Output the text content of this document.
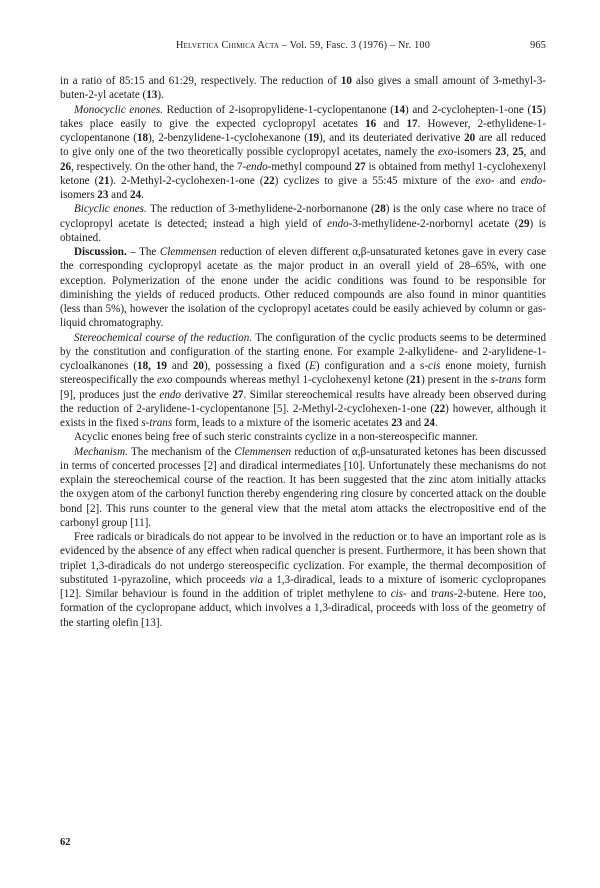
Helvetica Chimica Acta – Vol. 59, Fasc. 3 (1976) – Nr. 100	965

in a ratio of 85:15 and 61:29, respectively. The reduction of 10 also gives a small amount of 3-methyl-3-buten-2-yl acetate (13).

Monocyclic enones. Reduction of 2-isopropylidene-1-cyclopentanone (14) and 2-cyclohepten-1-one (15) takes place easily to give the expected cyclopropyl acetates 16 and 17. However, 2-ethylidene-1-cyclopentanone (18), 2-benzylidene-1-cyclohexanone (19), and its deuteriated derivative 20 are all reduced to give only one of the two theoretically possible cyclopropyl acetates, namely the exo-isomers 23, 25, and 26, respectively. On the other hand, the 7-endo-methyl compound 27 is obtained from methyl 1-cyclohexenyl ketone (21). 2-Methyl-2-cyclohexen-1-one (22) cyclizes to give a 55:45 mixture of the exo- and endo-isomers 23 and 24.

Bicyclic enones. The reduction of 3-methylidene-2-norbornanone (28) is the only case where no trace of cyclopropyl acetate is detected; instead a high yield of endo-3-methylidene-2-norbornyl acetate (29) is obtained.

Discussion. – The Clemmensen reduction of eleven different α,β-unsaturated ketones gave in every case the corresponding cyclopropyl acetate as the major product in an overall yield of 28–65%, with one exception. Polymerization of the enone under the acidic conditions was found to be responsible for diminishing the yields of reduced products. Other reduced compounds are also found in minor quantities (less than 5%), however the isolation of the cyclopropyl acetates could be easily achieved by column or gas-liquid chromatography.

Stereochemical course of the reduction. The configuration of the cyclic products seems to be determined by the constitution and configuration of the starting enone. For example 2-alkylidene- and 2-arylidene-1-cycloalkanones (18, 19 and 20), possessing a fixed (E) configuration and a s-cis enone moiety, furnish stereospecifically the exo compounds whereas methyl 1-cyclohexenyl ketone (21) present in the s-trans form [9], produces just the endo derivative 27. Similar stereochemical results have already been observed during the reduction of 2-arylidene-1-cyclopentanone [5]. 2-Methyl-2-cyclohexen-1-one (22) however, although it exists in the fixed s-trans form, leads to a mixture of the isomeric acetates 23 and 24.

Acyclic enones being free of such steric constraints cyclize in a non-stereospecific manner.

Mechanism. The mechanism of the Clemmensen reduction of α,β-unsaturated ketones has been discussed in terms of concerted processes [2] and diradical intermediates [10]. Unfortunately these mechanisms do not explain the stereochemical course of the reaction. It has been suggested that the zinc atom initially attacks the oxygen atom of the carbonyl function thereby engendering ring closure by concerted attack on the double bond [2]. This runs counter to the general view that the metal atom attacks the electropositive end of the carbonyl group [11].

Free radicals or biradicals do not appear to be involved in the reduction or to have an important role as is evidenced by the absence of any effect when radical quencher is present. Furthermore, it has been shown that triplet 1,3-diradicals do not undergo stereospecific cyclization. For example, the thermal decomposition of substituted 1-pyrazoline, which proceeds via a 1,3-diradical, leads to a mixture of isomeric cyclopropanes [12]. Similar behaviour is found in the addition of triplet methylene to cis- and trans-2-butene. Here too, formation of the cyclopropane adduct, which involves a 1,3-diradical, proceeds with loss of the geometry of the starting olefin [13].

62
